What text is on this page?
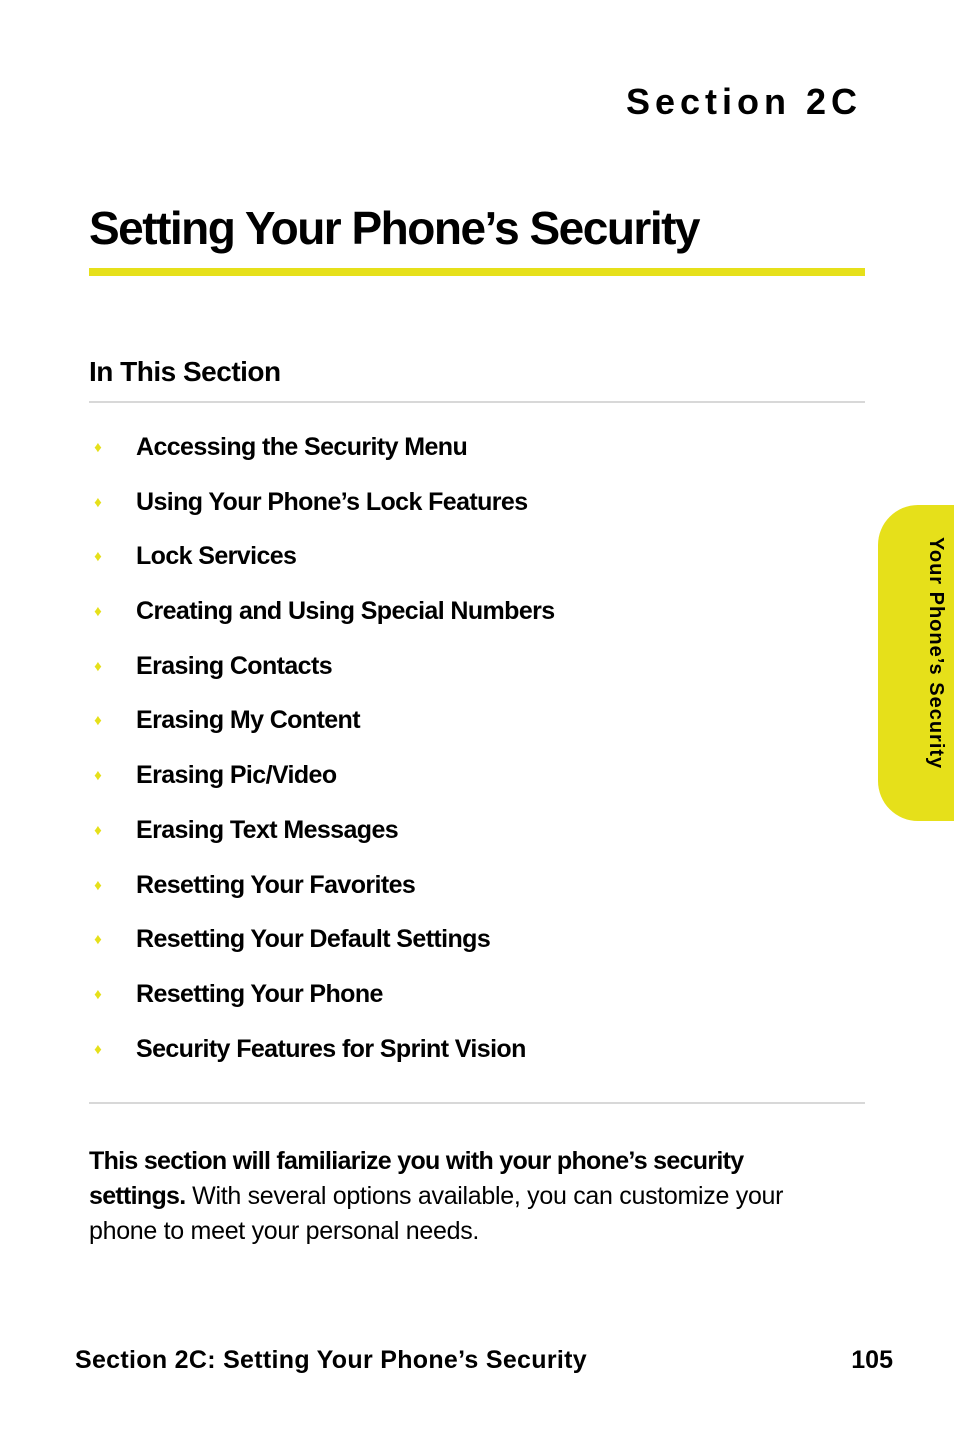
Section 2C
Setting Your Phone’s Security
In This Section
♦ Accessing the Security Menu
♦ Using Your Phone’s Lock Features
♦ Lock Services
♦ Creating and Using Special Numbers
♦ Erasing Contacts
♦ Erasing My Content
♦ Erasing Pic/Video
♦ Erasing Text Messages
♦ Resetting Your Favorites
♦ Resetting Your Default Settings
♦ Resetting Your Phone
♦ Security Features for Sprint Vision

This section will familiarize you with your phone’s security settings. With several options available, you can customize your phone to meet your personal needs.

Your Phone’s Security
Section 2C: Setting Your Phone’s Security	105
